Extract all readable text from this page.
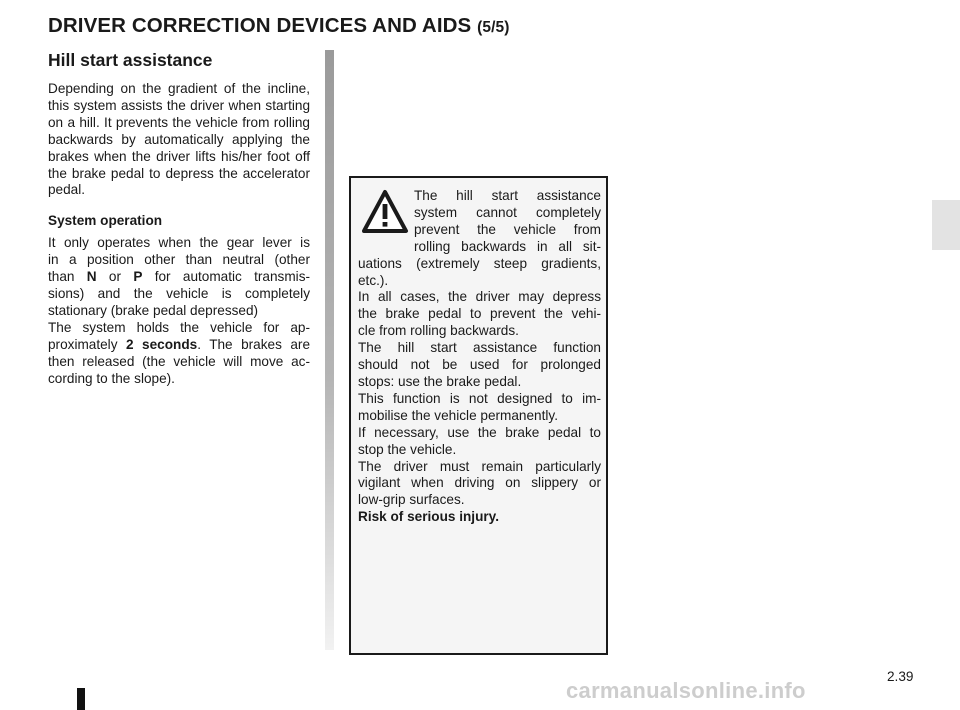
DRIVER CORRECTION DEVICES AND AIDS (5/5)
Hill start assistance

Depending on the gradient of the incline, this system assists the driver when starting on a hill. It prevents the vehicle from rolling backwards by automatically applying the brakes when the driver lifts his/her foot off the brake pedal to depress the accelerator pedal.

System operation
It only operates when the gear lever is
in a position other than neutral (other
than N or P for automatic transmis-
sions) and the vehicle is completely
stationary (brake pedal depressed)
The system holds the vehicle for ap-
proximately 2 seconds. The brakes are
then released (the vehicle will move ac-
cording to the slope).
The hill start assistance
system cannot completely
prevent the vehicle from
rolling backwards in all sit-
uations (extremely steep gradients,
etc.).
In all cases, the driver may depress
the brake pedal to prevent the vehi-
cle from rolling backwards.
The hill start assistance function
should not be used for prolonged
stops: use the brake pedal.
This function is not designed to im-
mobilise the vehicle permanently.
If necessary, use the brake pedal to
stop the vehicle.
The driver must remain particularly
vigilant when driving on slippery or
low-grip surfaces.
Risk of serious injury.
2.39
carmanualsonline.info
